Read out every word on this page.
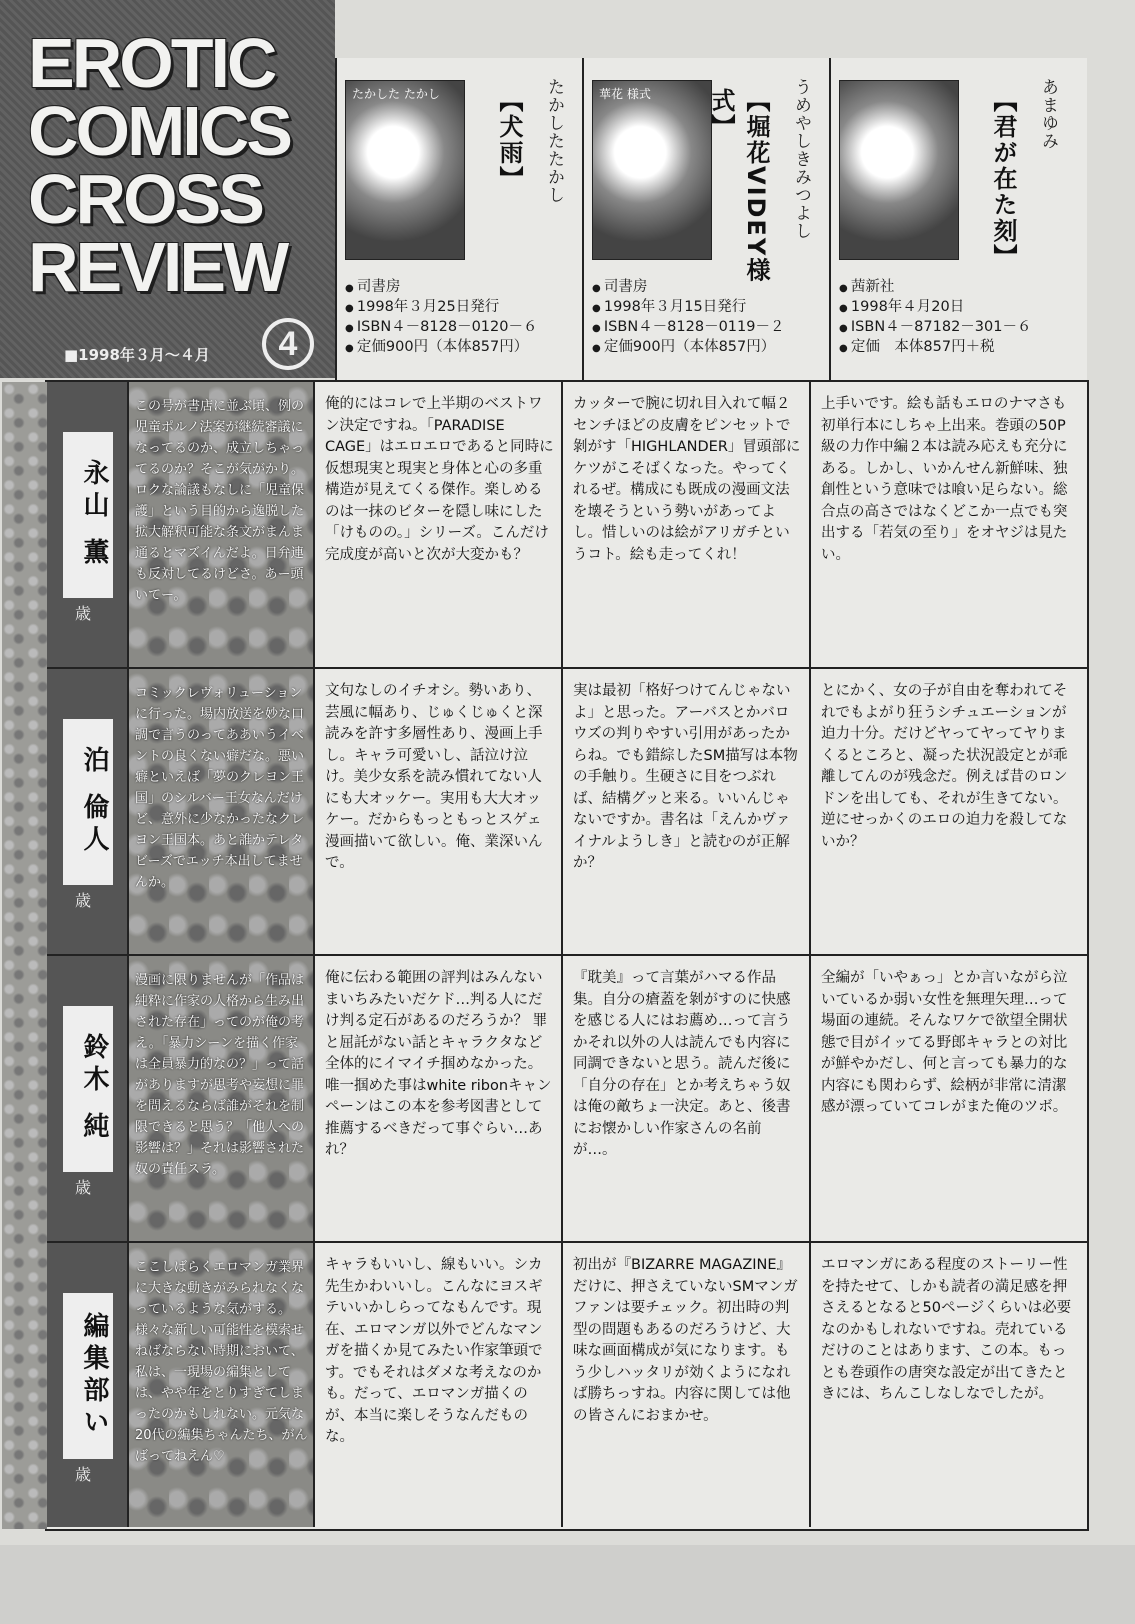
EROTIC
COMICS
CROSS
REVIEW
■1998年３月～４月	4
たかした たかし
【 犬雨 】	たかしたたかし
● 司書房
● 1998年３月25日発行
● ISBN４－8128－0120－６
● 定価900円（本体857円）
華花 様式
【 堀花VIDEY様式 】	うめやしきみつよし
● 司書房
● 1998年３月15日発行
● ISBN４－8128－0119－２
● 定価900円（本体857円）
【 君が在た刻 】	あまゆみ
● 茜新社
● 1998年４月20日
● ISBN４－87182－301－６
● 定価　本体857円＋税
永山 薫
43 歳
この号が書店に並ぶ頃、例の児童ポルノ法案が継続審議になってるのか、成立しちゃってるのか？そこが気がかり。ロクな論議もなしに「児童保護」という目的から逸脱した拡大解釈可能な条文がまんま通るとマズイんだよ。日弁連も反対してるけどさ。あー頭いてー。
俺的にはコレで上半期のベストワン決定ですね。「PARADISE CAGE」はエロエロであると同時に仮想現実と現実と身体と心の多重構造が見えてくる傑作。楽しめるのは一抹のビターを隠し味にした「けものの。」シリーズ。こんだけ完成度が高いと次が大変かも？
カッターで腕に切れ目入れて幅２センチほどの皮膚をピンセットで剝がす「HIGHLANDER」冒頭部にケツがこそばくなった。やってくれるぜ。構成にも既成の漫画文法を壊そうという勢いがあってよし。惜しいのは絵がアリガチというコト。絵も走ってくれ！
上手いです。絵も話もエロのナマさも初単行本にしちゃ上出来。巻頭の50P級の力作中編２本は読み応えも充分にある。しかし、いかんせん新鮮味、独創性という意味では喰い足らない。総合点の高さではなくどこか一点でも突出する「若気の至り」をオヤジは見たい。
泊 倫人
31 歳
コミックレヴォリューションに行った。場内放送を妙な口調で言うのってああいうイベントの良くない癖だな。悪い癖といえば「夢のクレヨン王国」のシルバー王女なんだけど、意外に少なかったなクレヨン王国本。あと誰かテレタビーズでエッチ本出してませんか。
文句なしのイチオシ。勢いあり、芸風に幅あり、じゅくじゅくと深読みを許す多層性あり、漫画上手し。キャラ可愛いし、話泣け泣け。美少女系を読み慣れてない人にも大オッケー。実用も大大オッケー。だからもっともっとスゲェ漫画描いて欲しい。俺、業深いんで。
実は最初「格好つけてんじゃないよ」と思った。アーバスとかバロウズの判りやすい引用があったからね。でも錯綜したSM描写は本物の手触り。生硬さに目をつぶれば、結構グッと来る。いいんじゃないですか。書名は「えんかヴァイナルようしき」と読むのが正解か？
とにかく、女の子が自由を奪われてそれでもよがり狂うシチュエーションが迫力十分。だけどヤってヤってヤりまくるところと、凝った状況設定とが乖離してんのが残念だ。例えば昔のロンドンを出しても、それが生きてない。逆にせっかくのエロの迫力を殺してないか？
鈴木 純
22 歳
漫画に限りませんが「作品は純粋に作家の人格から生み出された存在」ってのが俺の考え。「暴力シーンを描く作家は全員暴力的なの？」って話がありますが思考や妄想に罪を問えるならば誰がそれを制限できると思う？「他人への影響は？」それは影響された奴の責任スラ。
俺に伝わる範囲の評判はみんないまいちみたいだケド…判る人にだけ判る定石があるのだろうか？ 罪と屈託がない話とキャラクタなど全体的にイマイチ掴めなかった。唯一掴めた事はwhite ribonキャンペーンはこの本を参考図書として推薦するべきだって事ぐらい…あれ？
『耽美』って言葉がハマる作品集。自分の瘡蓋を剝がすのに快感を感じる人にはお薦め…って言うかそれ以外の人は読んでも内容に同調できないと思う。読んだ後に「自分の存在」とか考えちゃう奴は俺の敵ちょ一決定。あと、後書にお懐かしい作家さんの名前が…。
全編が「いやぁっ」とか言いながら泣いているか弱い女性を無理矢理…って場面の連続。そんなワケで欲望全開状態で目がイッてる野郎キャラとの対比が鮮やかだし、何と言っても暴力的な内容にも関わらず、絵柄が非常に清潔感が漂っていてコレがまた俺のツボ。
編集部い
33 歳
ここしばらくエロマンガ業界に大きな動きがみられなくなっているような気がする。様々な新しい可能性を模索せねばならない時期において、私は、一現場の編集としては、やや年をとりすぎてしまったのかもしれない。元気な20代の編集ちゃんたち、がんばってねえん♡
キャラもいいし、線もいい。シカ先生かわいいし。こんなにヨスギテいいかしらってなもんです。現在、エロマンガ以外でどんなマンガを描くか見てみたい作家筆頭です。でもそれはダメな考えなのかも。だって、エロマンガ描くのが、本当に楽しそうなんだものな。
初出が『BIZARRE MAGAZINE』だけに、押さえていないSMマンガファンは要チェック。初出時の判型の問題もあるのだろうけど、大味な画面構成が気になります。もう少しハッタリが効くようになれば勝ちっすね。内容に関しては他の皆さんにおまかせ。
エロマンガにある程度のストーリー性を持たせて、しかも読者の満足感を押さえるとなると50ページくらいは必要なのかもしれないですね。売れているだけのことはあります、この本。もっとも巻頭作の唐突な設定が出てきたときには、ちんこしなしなでしたが。
